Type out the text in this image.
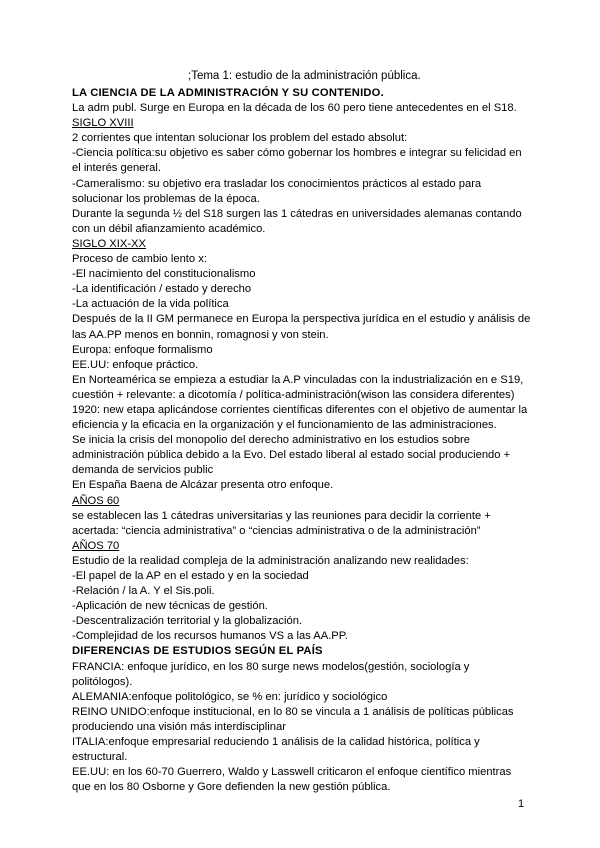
;Tema 1: estudio de la administración pública.
LA CIENCIA DE LA ADMINISTRACIÓN Y SU CONTENIDO.
La adm publ. Surge en Europa en la década de los 60 pero tiene antecedentes en el S18.
SIGLO XVIII
2 corrientes que intentan solucionar los problem del estado absolut:
-Ciencia política:su objetivo es saber cómo gobernar los hombres e integrar su felicidad en
el interés general.
-Cameralismo: su objetivo era trasladar los conocimientos prácticos al estado para
solucionar los problemas de la época.
Durante la segunda ½ del S18 surgen las 1 cátedras en universidades alemanas contando
con un débil afianzamiento académico.
SIGLO XIX-XX
Proceso de cambio lento x:
-El nacimiento del constitucionalismo
-La identificación / estado y derecho
-La actuación de la vida política
Después de la II GM permanece en Europa la perspectiva jurídica en el estudio y análisis de
las AA.PP menos en bonnin, romagnosi y von stein.
Europa: enfoque formalismo
EE.UU: enfoque práctico.
En Norteamérica se empieza a estudiar la A.P vinculadas con la industrialización en e S19,
cuestión + relevante: a dicotomía / política-administración(wison las considera diferentes)
1920: new etapa aplicándose corrientes científicas diferentes con el objetivo de aumentar la
eficiencia y la eficacia en la organización y el funcionamiento de las administraciones.
Se inicia la crisis del monopolio del derecho administrativo en los estudios sobre
administración pública debido a la Evo. Del estado liberal al estado social produciendo +
demanda de servicios public
En España Baena de Alcázar presenta otro enfoque.
AÑOS 60
se establecen las 1 cátedras universitarias y las reuniones para decidir la corriente +
acertada: “ciencia administrativa” o “ciencias administrativa o de la administración”
AÑOS 70
Estudio de la realidad compleja de la administración analizando new realidades:
-El papel de la AP en el estado y en la sociedad
-Relación / la A. Y el Sis.poli.
-Aplicación de new técnicas de gestión.
-Descentralización territorial y la globalización.
-Complejidad de los recursos humanos VS a las AA.PP.
DIFERENCIAS DE ESTUDIOS SEGÚN EL PAÍS
FRANCIA: enfoque jurídico, en los 80 surge news modelos(gestión, sociología y
politólogos).
ALEMANIA:enfoque politológico, se % en: jurídico y sociológico
REINO UNIDO:enfoque institucional, en lo 80 se vincula a 1 análisis de políticas públicas
produciendo una visión más interdisciplinar
ITALIA:enfoque empresarial reduciendo 1 análisis de la calidad histórica, política y
estructural.
EE.UU: en los 60-70 Guerrero, Waldo y Lasswell criticaron el enfoque científico mientras
que en los 80 Osborne y Gore defienden la new gestión pública.
1
